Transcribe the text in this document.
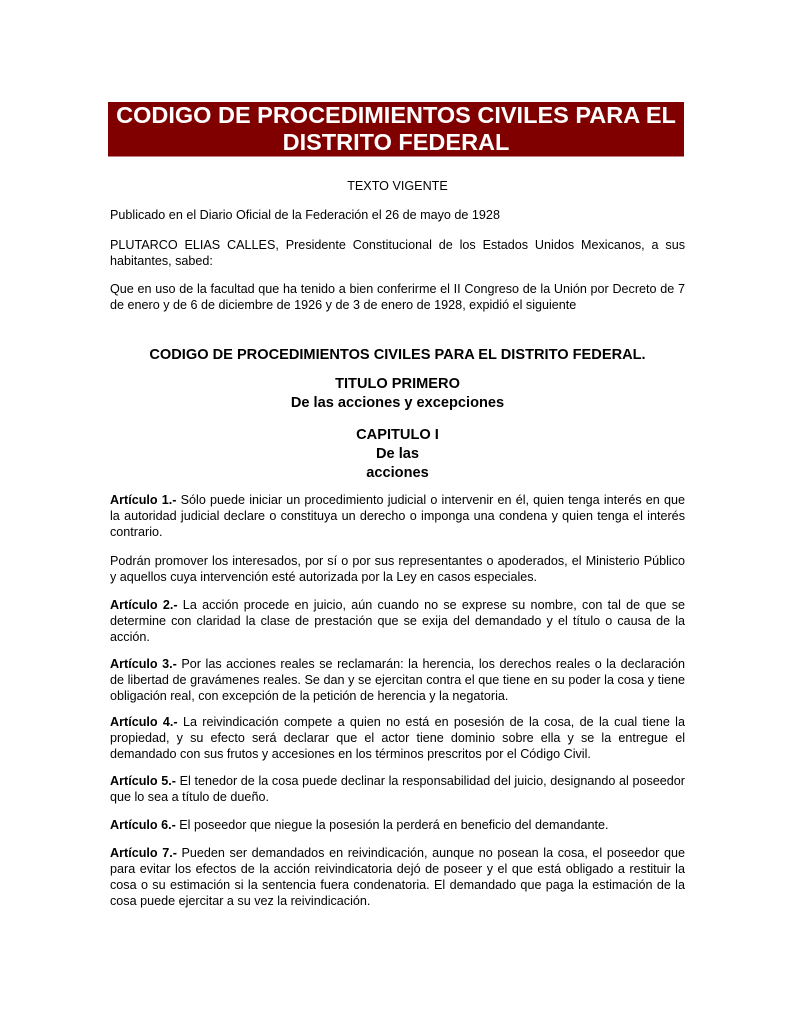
CODIGO DE PROCEDIMIENTOS CIVILES PARA EL
DISTRITO FEDERAL
TEXTO VIGENTE
Publicado en el Diario Oficial de la Federación el 26 de mayo de 1928
PLUTARCO ELIAS CALLES, Presidente Constitucional de los Estados Unidos Mexicanos, a sus habitantes, sabed:
Que en uso de la facultad que ha tenido a bien conferirme el II Congreso de la Unión por Decreto de 7 de enero y de 6 de diciembre de 1926 y de 3 de enero de 1928, expidió el siguiente
CODIGO DE PROCEDIMIENTOS CIVILES PARA EL DISTRITO FEDERAL.
TITULO PRIMERO
De las acciones y excepciones
CAPITULO I
De las
acciones
Artículo 1.- Sólo puede iniciar un procedimiento judicial o intervenir en él, quien tenga interés en que la autoridad judicial declare o constituya un derecho o imponga una condena y quien tenga el interés contrario.
Podrán promover los interesados, por sí o por sus representantes o apoderados, el Ministerio Público y aquellos cuya intervención esté autorizada por la Ley en casos especiales.
Artículo 2.- La acción procede en juicio, aún cuando no se exprese su nombre, con tal de que se determine con claridad la clase de prestación que se exija del demandado y el título o causa de la acción.
Artículo 3.- Por las acciones reales se reclamarán: la herencia, los derechos reales o la declaración de libertad de gravámenes reales. Se dan y se ejercitan contra el que tiene en su poder la cosa y tiene obligación real, con excepción de la petición de herencia y la negatoria.
Artículo 4.- La reivindicación compete a quien no está en posesión de la cosa, de la cual tiene la propiedad, y su efecto será declarar que el actor tiene dominio sobre ella y se la entregue el demandado con sus frutos y accesiones en los términos prescritos por el Código Civil.
Artículo 5.- El tenedor de la cosa puede declinar la responsabilidad del juicio, designando al poseedor que lo sea a título de dueño.
Artículo 6.- El poseedor que niegue la posesión la perderá en beneficio del demandante.
Artículo 7.- Pueden ser demandados en reivindicación, aunque no posean la cosa, el poseedor que para evitar los efectos de la acción reivindicatoria dejó de poseer y el que está obligado a restituir la cosa o su estimación si la sentencia fuera condenatoria. El demandado que paga la estimación de la cosa puede ejercitar a su vez la reivindicación.
